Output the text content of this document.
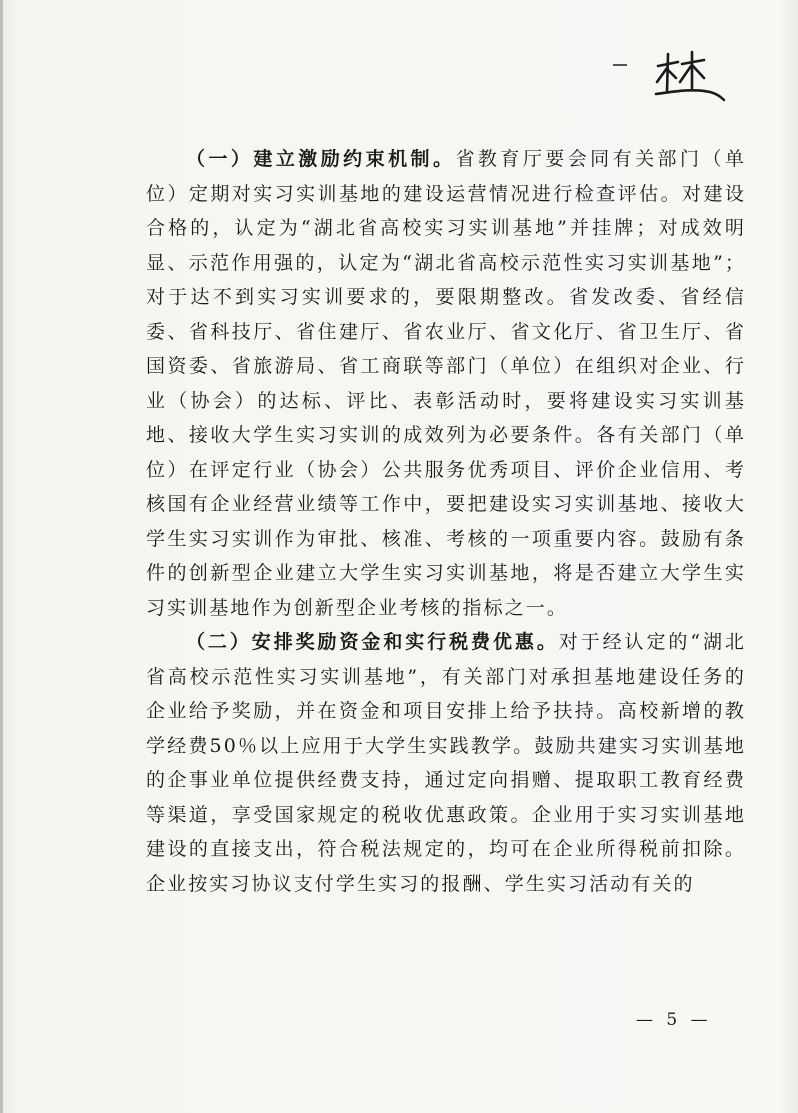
（一）建立激励约束机制。省教育厅要会同有关部门（单位）定期对实习实训基地的建设运营情况进行检查评估。对建设合格的，认定为“湖北省高校实习实训基地”并挂牌；对成效明显、示范作用强的，认定为“湖北省高校示范性实习实训基地”；对于达不到实习实训要求的，要限期整改。省发改委、省经信委、省科技厅、省住建厅、省农业厅、省文化厅、省卫生厅、省国资委、省旅游局、省工商联等部门（单位）在组织对企业、行业（协会）的达标、评比、表彰活动时，要将建设实习实训基地、接收大学生实习实训的成效列为必要条件。各有关部门（单位）在评定行业（协会）公共服务优秀项目、评价企业信用、考核国有企业经营业绩等工作中，要把建设实习实训基地、接收大学生实习实训作为审批、核准、考核的一项重要内容。鼓励有条件的创新型企业建立大学生实习实训基地，将是否建立大学生实习实训基地作为创新型企业考核的指标之一。

（二）安排奖励资金和实行税费优惠。对于经认定的“湖北省高校示范性实习实训基地”，有关部门对承担基地建设任务的企业给予奖励，并在资金和项目安排上给予扶持。高校新增的教学经费50％以上应用于大学生实践教学。鼓励共建实习实训基地的企事业单位提供经费支持，通过定向捐赠、提取职工教育经费等渠道，享受国家规定的税收优惠政策。企业用于实习实训基地建设的直接支出，符合税法规定的，均可在企业所得税前扣除。企业按实习协议支付学生实习的报酬、学生实习活动有关的

— 5 —
